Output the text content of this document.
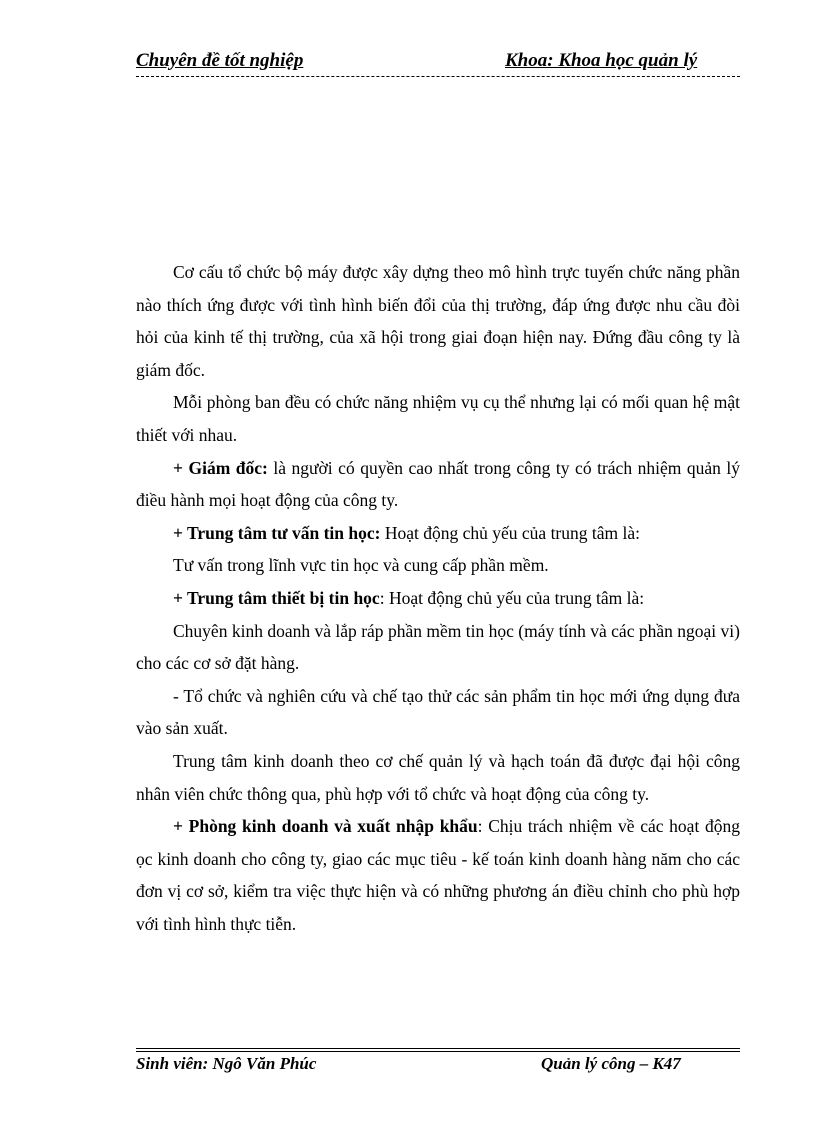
Chuyên đề tốt nghiệp	Khoa: Khoa học quản lý

Cơ cấu tổ chức bộ máy được xây dựng theo mô hình trực tuyến chức năng phần nào thích ứng được với tình hình biến đổi của thị trường, đáp ứng được nhu cầu đòi hỏi của kinh tế thị trường, của xã hội trong giai đoạn hiện nay. Đứng đầu công ty là giám đốc.

Mỗi phòng ban đều có chức năng nhiệm vụ cụ thể nhưng lại có mối quan hệ mật thiết với nhau.

+ Giám đốc: là người có quyền cao nhất trong công ty có trách nhiệm quản lý điều hành mọi hoạt động của công ty.

+ Trung tâm tư vấn tin học: Hoạt động chủ yếu của trung tâm là:

Tư vấn trong lĩnh vực tin học và cung cấp phần mềm.

+ Trung tâm thiết bị tin học: Hoạt động chủ yếu của trung tâm là:

Chuyên kinh doanh và lắp ráp phần mềm tin học (máy tính và các phần ngoại vi) cho các cơ sở đặt hàng.

- Tổ chức và nghiên cứu và chế tạo thử các sản phẩm tin học mới ứng dụng đưa vào sản xuất.

Trung tâm kinh doanh theo cơ chế quản lý và hạch toán đã được đại hội công nhân viên chức thông qua, phù hợp với tổ chức và hoạt động của công ty.

+ Phòng kinh doanh và xuất nhập khẩu: Chịu trách nhiệm về các hoạt động ọc kinh doanh cho công ty, giao các mục tiêu - kế toán kinh doanh hàng năm cho các đơn vị cơ sở, kiểm tra việc thực hiện và có những phương án điều chỉnh cho phù hợp với tình hình thực tiễn.

Sinh viên: Ngô Văn Phúc	Quản lý công – K47
